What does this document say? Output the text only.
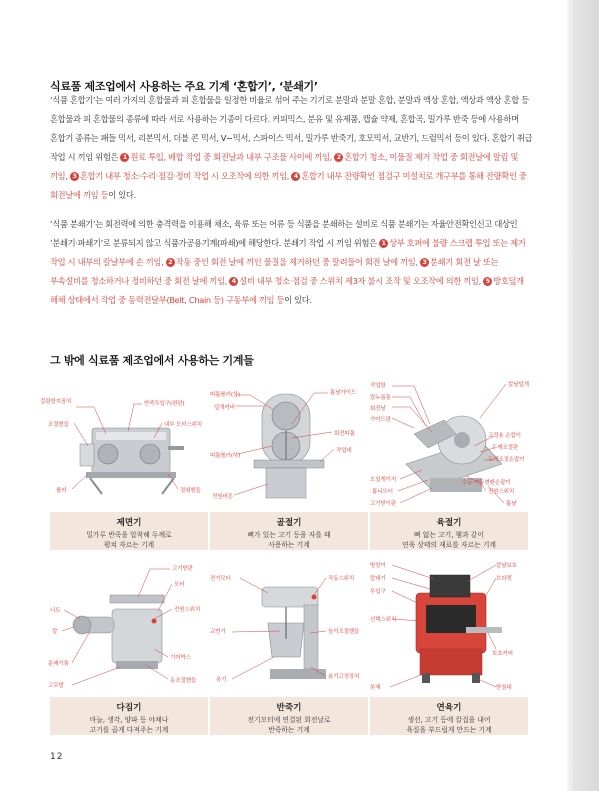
식료품 제조업에서 사용하는 주요 기계 ‘혼합기’, ‘분쇄기’
‘식품 혼합기’는 여러 가지의 혼합물과 피 혼합물을 일정한 비율로 섞어 주는 기기로 분말과 분말 혼합, 분말과 액상 혼합, 액상과 액상 혼합 등 혼합물과 피 혼합물의 종류에 따라 서로 사용하는 기종이 다르다. 커피믹스, 분유 및 유제품, 캡슐 약제, 혼합곡, 밀가루 반죽 등에 사용하며 혼합기 종류는 패들 믹서, 리본믹서, 더블 콘 믹서, V−믹서, 스파이스 믹서, 밀가루 반죽기, 호모믹서, 교반기, 드럼믹서 등이 있다. 혼합기 취급 작업 시 끼임 위험은 1 원료 투입, 배합 작업 중 회전날과 내부 구조물 사이에 끼임, 2 혼합기 청소, 이물질 제거 작업 중 회전날에 말림 및 끼임, 3 혼합기 내부 청소·수리·점검·정비 작업 시 오조작에 의한 끼임, 4 혼합기 내부 잔량확인 점검구 미설치로 개구부를 통해 잔량확인 중 회전날에 끼임 등이 있다.
‘식품 분쇄기’는 회전력에 의한 충격력을 이용해 채소, 육류 또는 어류 등 식품을 분쇄하는 설비로 식품 분쇄기는 자율안전확인신고 대상인 ‘분쇄기·파쇄기’로 분류되지 않고 식품가공용기계(파쇄)에 해당한다. 분쇄기 작업 시 끼임 위험은 1 상부 호퍼에 불량 스크랩 투입 또는 제거 작업 시 내부의 칼날부에 손 끼임, 2 작동 중인 회전 날에 끼인 물질을 제거하던 중 말려들어 회전 날에 끼임, 3 분쇄기 회전 날 또는 부속설비를 청소하거나 정비하던 중 회전 날에 끼임, 4 설비 내부 청소·점검 중 스위치 제3자 불시 조작 및 오조작에 의한 끼임, 5 방호덮개 해체 상태에서 작업 중 동력전달부(Belt, Chain 등) 구동부에 끼임 등이 있다.
그 밖에 식료품 제조업에서 사용하는 기계들
걸림방지장치	반죽투입구(편판)
조절핸들	내부 모터스위치
롤러	절취핸들
제면기
밀가루 반죽을 압착해 두께로
평쳐 자르는 기계
띠톱롤러(상)
덮개커버
톱날가이드
띠톱롤러(하)
회전띠톱
작업대
전원버튼
골절기
뼈가 있는 고기 등을 자를 때
사용하는 기계
작업함
칼누름통
회전날
칼날덮개
가이드판
고정용 손잡이
두께조절판
두께조절손잡이
오일게이지
톱니모터
고기받이판
수동·자동변환손잡이
전원스위치
톱날
육절기
뼈 없는 고기, 햄과 같이
연육 상태의 재료를 자르는 기계
고기받판
모터
너트	전원스위치
칼
분쇄기통
기어박스
고무발
동조절핸들
다짐기
마늘, 생각, 양파 등 야채나
고기를 곱게 다져주는 기계
전기모터	작동스위치
교반기	높이조절핸들
용기	용기고정장치
반죽기
전기모터에 연결된 회전날로
반죽하는 기계
방망이	칼날보호
칼대기	브라켓
투입구
선택스위치
보호커버
본체	받침대
연육기
생선, 고기 등에 칼집을 내어
육질을 부드럽게 만드는 기계
12
